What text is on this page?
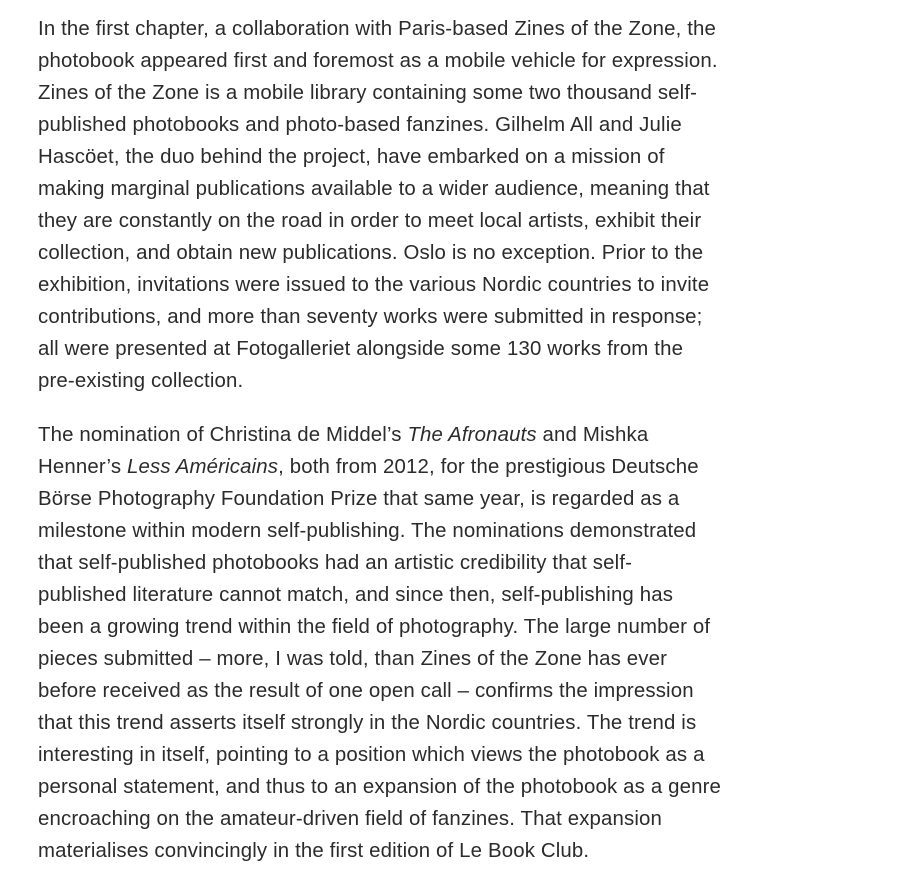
In the first chapter, a collaboration with Paris-based Zines of the Zone, the
photobook appeared first and foremost as a mobile vehicle for expression.
Zines of the Zone is a mobile library containing some two thousand self-
published photobooks and photo-based fanzines. Gilhelm All and Julie
Hascöet, the duo behind the project, have embarked on a mission of
making marginal publications available to a wider audience, meaning that
they are constantly on the road in order to meet local artists, exhibit their
collection, and obtain new publications. Oslo is no exception. Prior to the
exhibition, invitations were issued to the various Nordic countries to invite
contributions, and more than seventy works were submitted in response;
all were presented at Fotogalleriet alongside some 130 works from the
pre-existing collection.

The nomination of Christina de Middel’s The Afronauts and Mishka
Henner’s Less Américains, both from 2012, for the prestigious Deutsche
Börse Photography Foundation Prize that same year, is regarded as a
milestone within modern self-publishing. The nominations demonstrated
that self-published photobooks had an artistic credibility that self-
published literature cannot match, and since then, self-publishing has
been a growing trend within the field of photography. The large number of
pieces submitted – more, I was told, than Zines of the Zone has ever
before received as the result of one open call – confirms the impression
that this trend asserts itself strongly in the Nordic countries. The trend is
interesting in itself, pointing to a position which views the photobook as a
personal statement, and thus to an expansion of the photobook as a genre
encroaching on the amateur-driven field of fanzines. That expansion
materialises convincingly in the first edition of Le Book Club.
